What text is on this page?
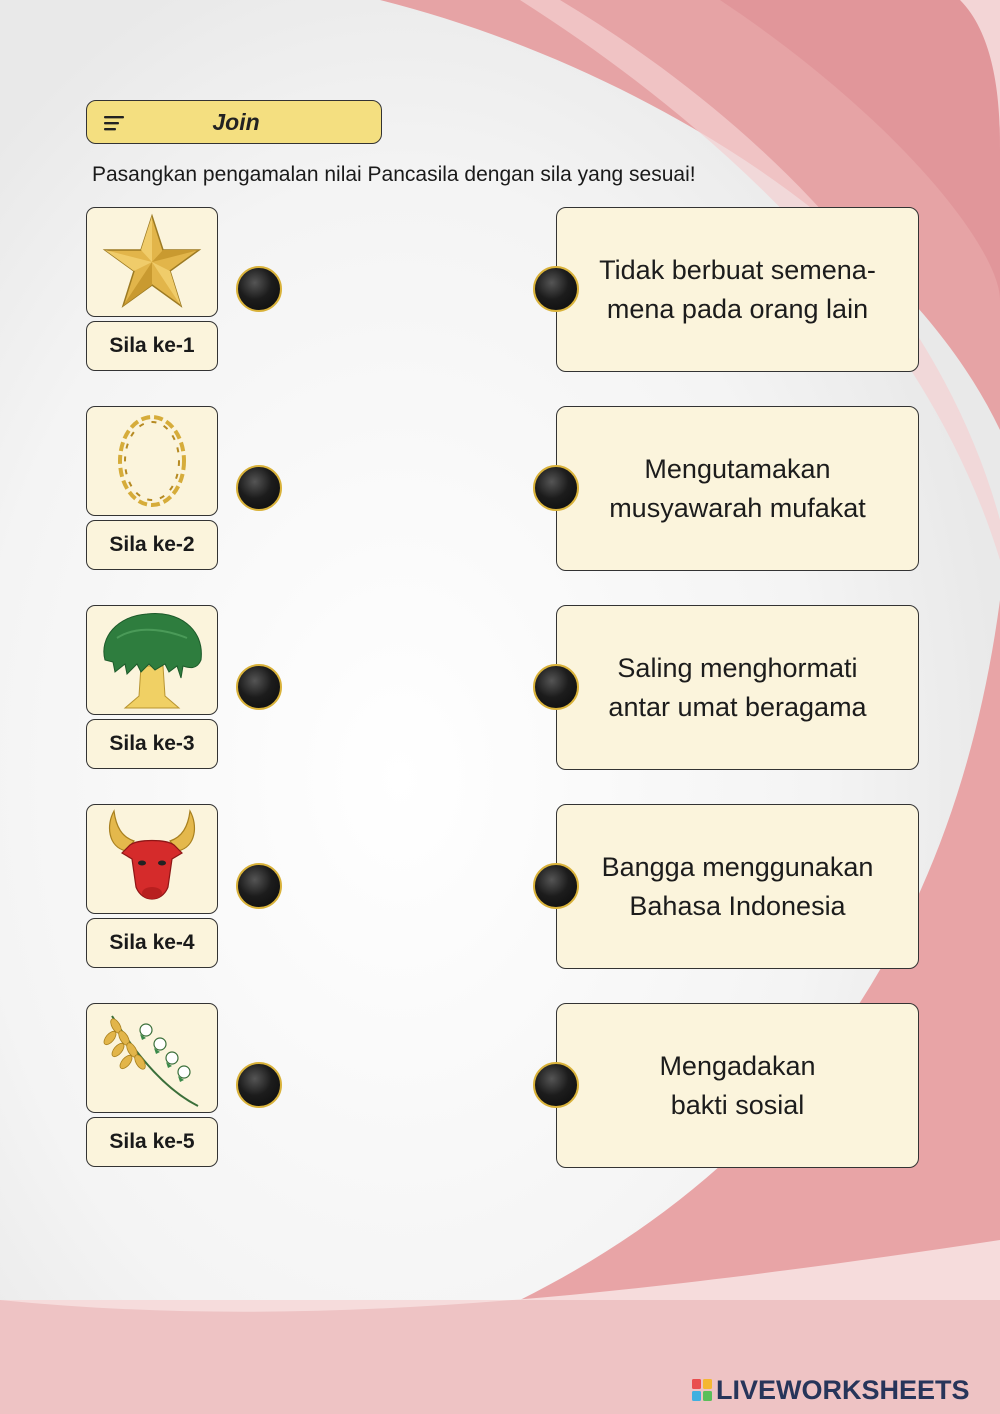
Join
Pasangkan pengamalan nilai Pancasila dengan sila yang sesuai!
Sila ke-1
Tidak berbuat semena-
mena pada orang lain
Sila ke-2
Mengutamakan
musyawarah mufakat
Sila ke-3
Saling menghormati
antar umat beragama
Sila ke-4
Bangga menggunakan
Bahasa Indonesia
Sila ke-5
Mengadakan
bakti sosial
LIVEWORKSHEETS
